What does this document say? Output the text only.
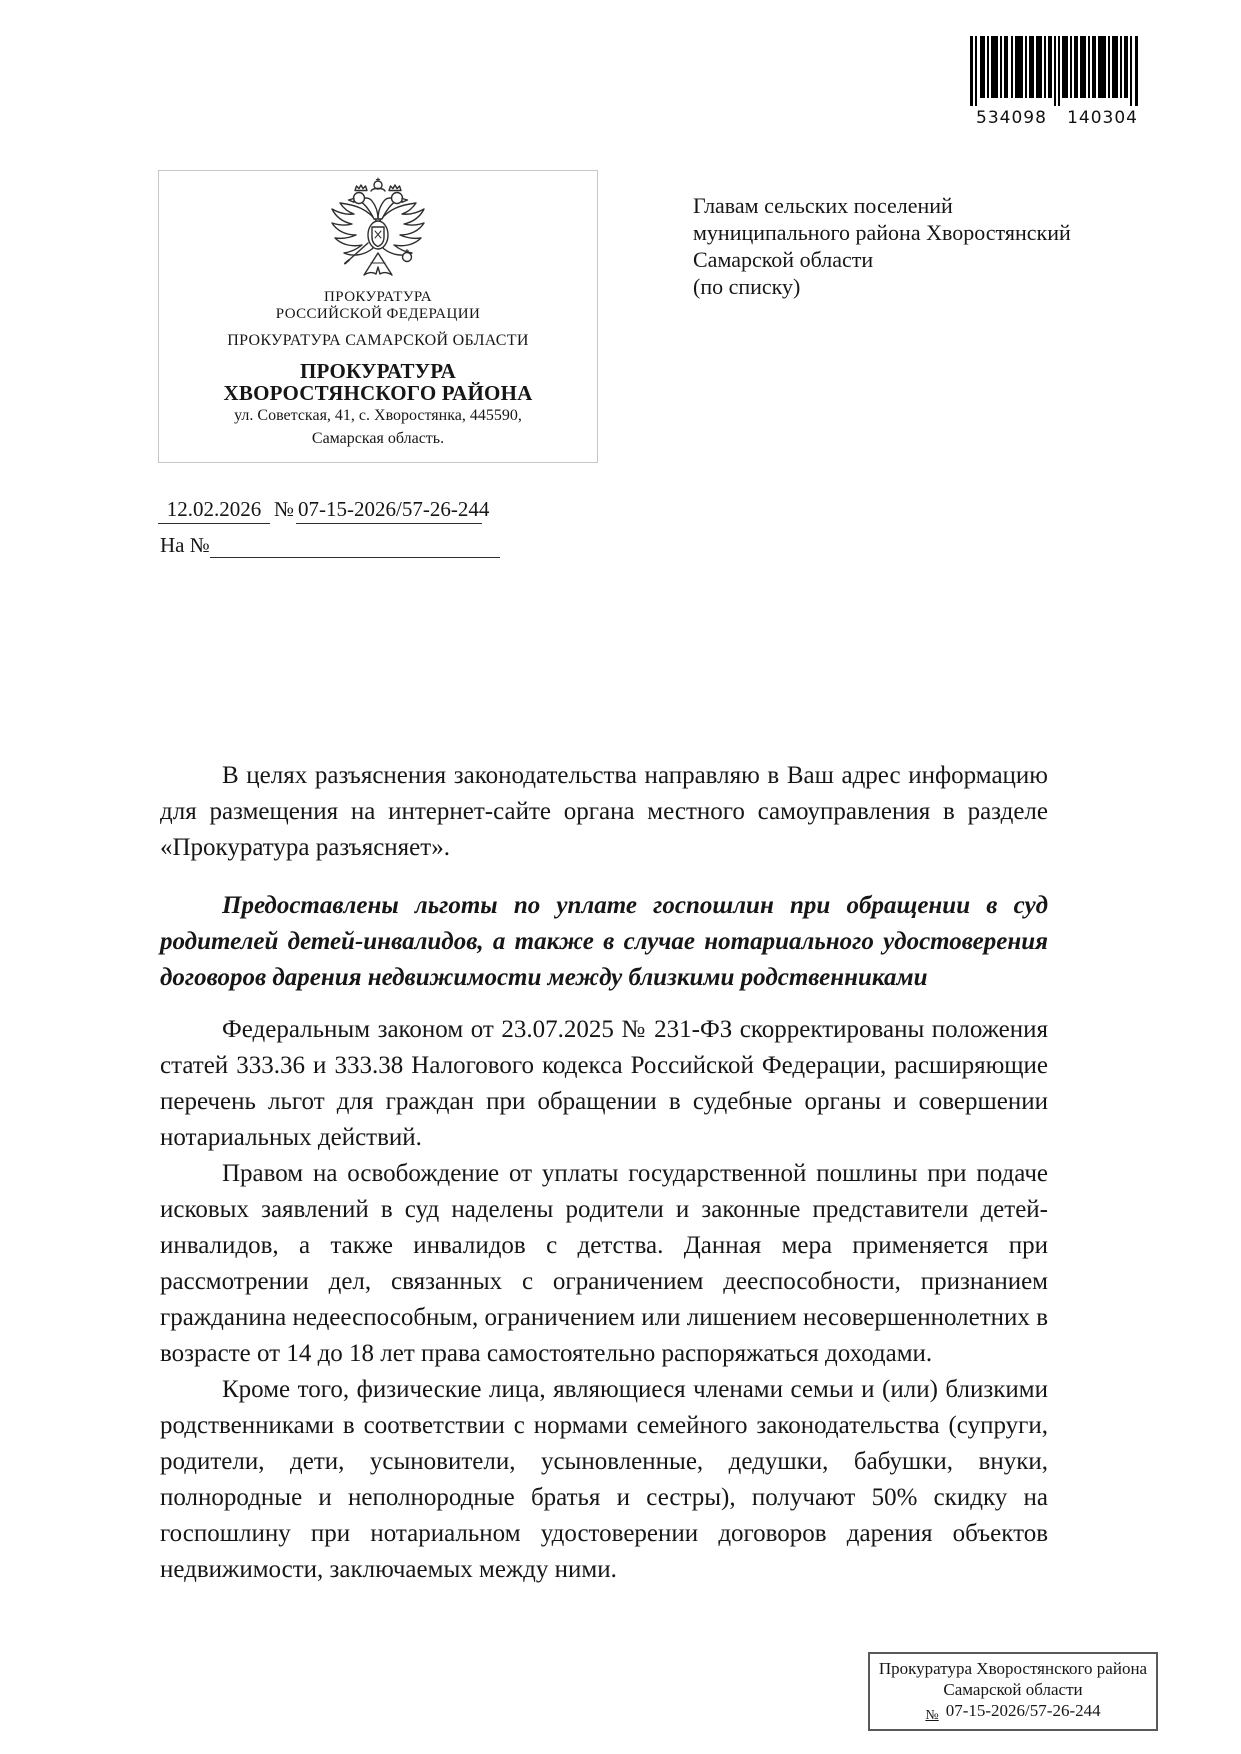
534098 140304
ПРОКУРАТУРА
РОССИЙСКОЙ ФЕДЕРАЦИИ
ПРОКУРАТУРА САМАРСКОЙ ОБЛАСТИ
ПРОКУРАТУРА
ХВОРОСТЯНСКОГО РАЙОНА
ул. Советская, 41, с. Хворостянка, 445590,
Самарская область.
Главам сельских поселений
муниципального района Хворостянский
Самарской области
(по списку)
12.02.2026 № 07-15-2026/57-26-244
На №

В целях разъяснения законодательства направляю в Ваш адрес информацию для размещения на интернет-сайте органа местного самоуправления в разделе «Прокуратура разъясняет».

Предоставлены льготы по уплате госпошлин при обращении в суд родителей детей-инвалидов, а также в случае нотариального удостоверения договоров дарения недвижимости между близкими родственниками

Федеральным законом от 23.07.2025 № 231-ФЗ скорректированы положения статей 333.36 и 333.38 Налогового кодекса Российской Федерации, расширяющие перечень льгот для граждан при обращении в судебные органы и совершении нотариальных действий.

Правом на освобождение от уплаты государственной пошлины при подаче исковых заявлений в суд наделены родители и законные представители детей-инвалидов, а также инвалидов с детства. Данная мера применяется при рассмотрении дел, связанных с ограничением дееспособности, признанием гражданина недееспособным, ограничением или лишением несовершеннолетних в возрасте от 14 до 18 лет права самостоятельно распоряжаться доходами.

Кроме того, физические лица, являющиеся членами семьи и (или) близкими родственниками в соответствии с нормами семейного законодательства (супруги, родители, дети, усыновители, усыновленные, дедушки, бабушки, внуки, полнородные и неполнородные братья и сестры), получают 50% скидку на госпошлину при нотариальном удостоверении договоров дарения объектов недвижимости, заключаемых между ними.

Прокуратура Хворостянского района
Самарской области
№ 07-15-2026/57-26-244
